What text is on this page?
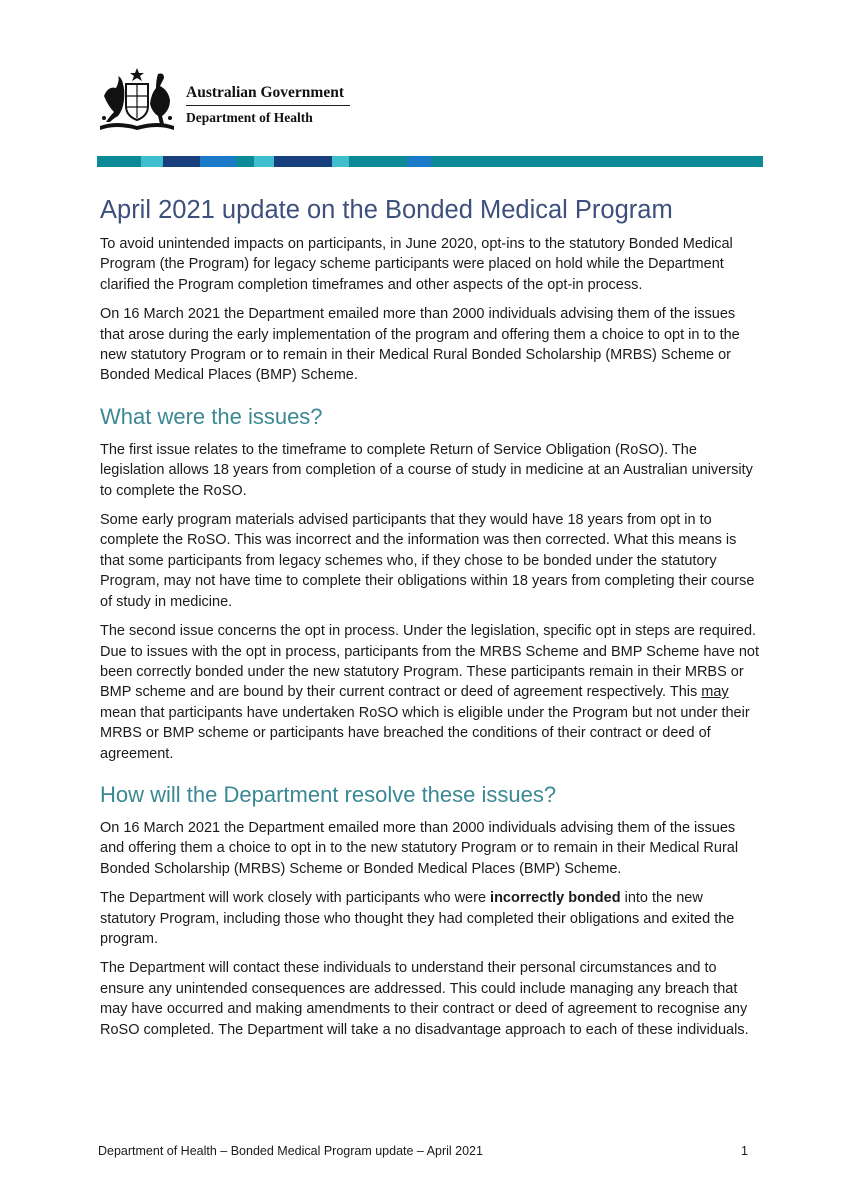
Australian Government
Department of Health
April 2021 update on the Bonded Medical Program

To avoid unintended impacts on participants, in June 2020, opt-ins to the statutory Bonded Medical Program (the Program) for legacy scheme participants were placed on hold while the Department clarified the Program completion timeframes and other aspects of the opt-in process.

On 16 March 2021 the Department emailed more than 2000 individuals advising them of the issues that arose during the early implementation of the program and offering them a choice to opt in to the new statutory Program or to remain in their Medical Rural Bonded Scholarship (MRBS) Scheme or Bonded Medical Places (BMP) Scheme.

What were the issues?

The first issue relates to the timeframe to complete Return of Service Obligation (RoSO). The legislation allows 18 years from completion of a course of study in medicine at an Australian university to complete the RoSO.

Some early program materials advised participants that they would have 18 years from opt in to complete the RoSO. This was incorrect and the information was then corrected. What this means is that some participants from legacy schemes who, if they chose to be bonded under the statutory Program, may not have time to complete their obligations within 18 years from completing their course of study in medicine.

The second issue concerns the opt in process. Under the legislation, specific opt in steps are required. Due to issues with the opt in process, participants from the MRBS Scheme and BMP Scheme have not been correctly bonded under the new statutory Program. These participants remain in their MRBS or BMP scheme and are bound by their current contract or deed of agreement respectively. This may mean that participants have undertaken RoSO which is eligible under the Program but not under their MRBS or BMP scheme or participants have breached the conditions of their contract or deed of agreement.

How will the Department resolve these issues?

On 16 March 2021 the Department emailed more than 2000 individuals advising them of the issues and offering them a choice to opt in to the new statutory Program or to remain in their Medical Rural Bonded Scholarship (MRBS) Scheme or Bonded Medical Places (BMP) Scheme.

The Department will work closely with participants who were incorrectly bonded into the new statutory Program, including those who thought they had completed their obligations and exited the program.

The Department will contact these individuals to understand their personal circumstances and to ensure any unintended consequences are addressed. This could include managing any breach that may have occurred and making amendments to their contract or deed of agreement to recognise any RoSO completed. The Department will take a no disadvantage approach to each of these individuals.

Department of Health – Bonded Medical Program update – April 2021	1
